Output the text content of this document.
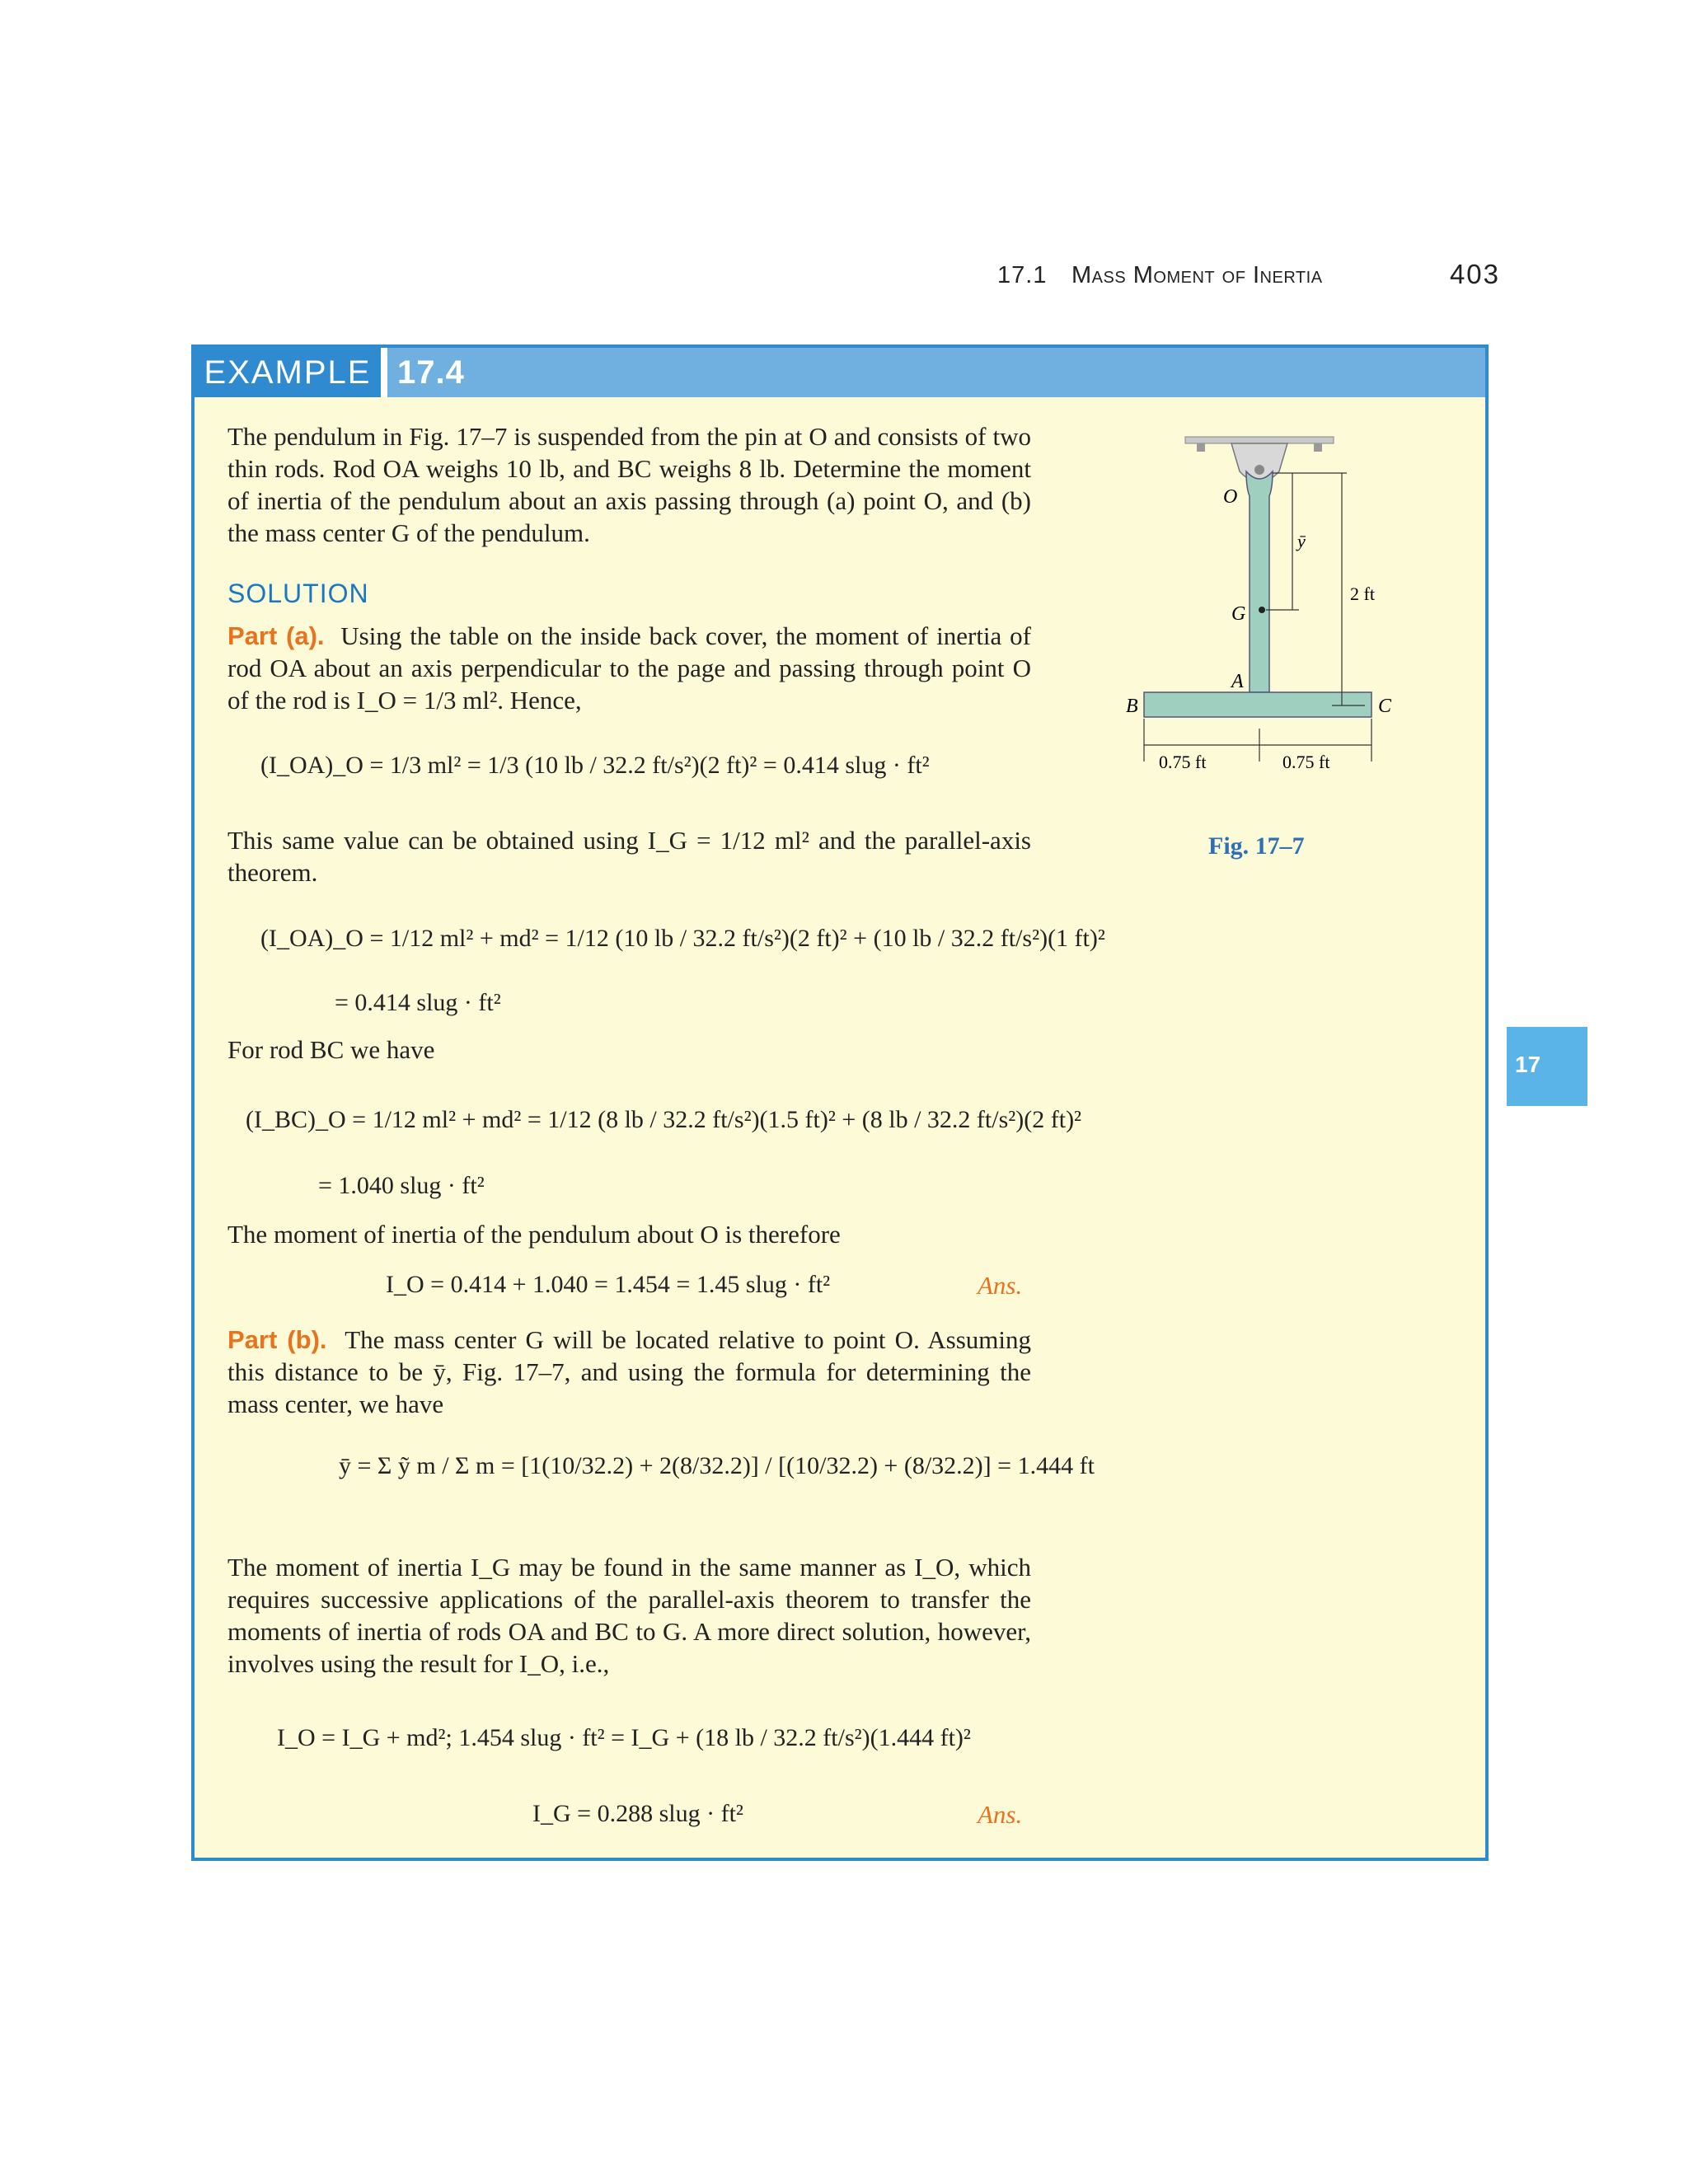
17.1 Mass Moment of Inertia	403
EXAMPLE 17.4
The pendulum in Fig. 17–7 is suspended from the pin at O and consists of two thin rods. Rod OA weighs 10 lb, and BC weighs 8 lb. Determine the moment of inertia of the pendulum about an axis passing through (a) point O, and (b) the mass center G of the pendulum.
SOLUTION
Part (a). Using the table on the inside back cover, the moment of inertia of rod OA about an axis perpendicular to the page and passing through point O of the rod is I_O = 1/3 ml². Hence,
(I_OA)_O = 1/3 ml² = 1/3 (10 lb / 32.2 ft/s²)(2 ft)² = 0.414 slug · ft²
This same value can be obtained using I_G = 1/12 ml² and the parallel-axis theorem.
(I_OA)_O = 1/12 ml² + md² = 1/12 (10 lb / 32.2 ft/s²)(2 ft)² + (10 lb / 32.2 ft/s²)(1 ft)²
= 0.414 slug · ft²
For rod BC we have
(I_BC)_O = 1/12 ml² + md² = 1/12 (8 lb / 32.2 ft/s²)(1.5 ft)² + (8 lb / 32.2 ft/s²)(2 ft)²
= 1.040 slug · ft²
The moment of inertia of the pendulum about O is therefore
I_O = 0.414 + 1.040 = 1.454 = 1.45 slug · ft²	Ans.
Part (b). The mass center G will be located relative to point O. Assuming this distance to be ȳ, Fig. 17–7, and using the formula for determining the mass center, we have
ȳ = Σ ỹ m / Σ m = [1(10/32.2) + 2(8/32.2)] / [(10/32.2) + (8/32.2)] = 1.444 ft
The moment of inertia I_G may be found in the same manner as I_O, which requires successive applications of the parallel-axis theorem to transfer the moments of inertia of rods OA and BC to G. A more direct solution, however, involves using the result for I_O, i.e.,
I_O = I_G + md²; 1.454 slug · ft² = I_G + (18 lb / 32.2 ft/s²)(1.444 ft)²
I_G = 0.288 slug · ft²	Ans.
O
G
A
B	C
ȳ
2 ft
0.75 ft	0.75 ft
Fig. 17–7
17
